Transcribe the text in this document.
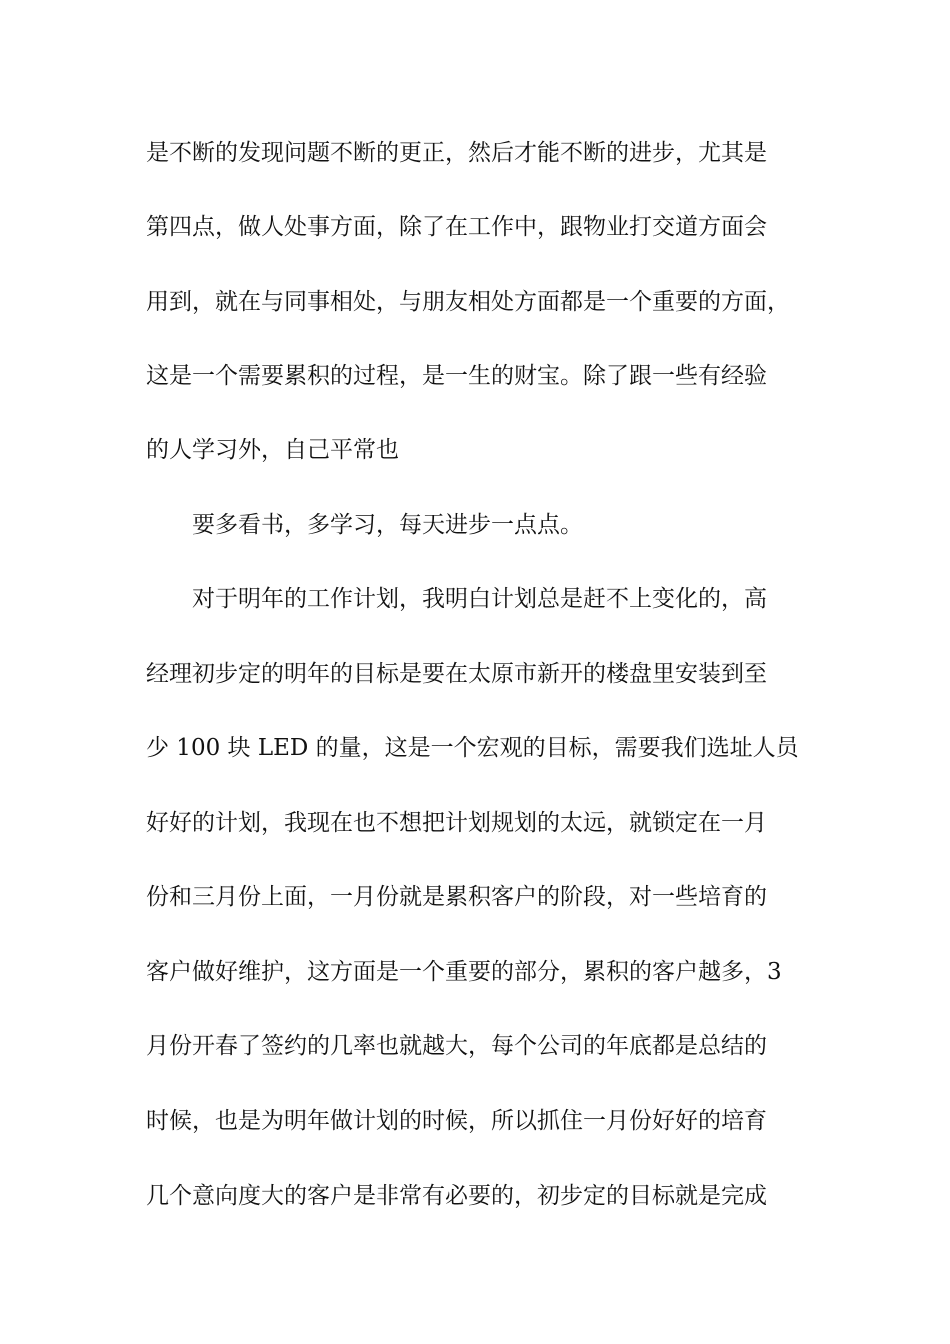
是不断的发现问题不断的更正，然后才能不断的进步，尤其是
第四点，做人处事方面，除了在工作中，跟物业打交道方面会
用到，就在与同事相处，与朋友相处方面都是一个重要的方面，
这是一个需要累积的过程，是一生的财宝。除了跟一些有经验
的人学习外，自己平常也
要多看书，多学习，每天进步一点点。
对于明年的工作计划，我明白计划总是赶不上变化的，高
经理初步定的明年的目标是要在太原市新开的楼盘里安装到至
少 100 块 LED 的量，这是一个宏观的目标，需要我们选址人员
好好的计划，我现在也不想把计划规划的太远，就锁定在一月
份和三月份上面，一月份就是累积客户的阶段，对一些培育的
客户做好维护，这方面是一个重要的部分，累积的客户越多，3
月份开春了签约的几率也就越大，每个公司的年底都是总结的
时候，也是为明年做计划的时候，所以抓住一月份好好的培育
几个意向度大的客户是非常有必要的，初步定的目标就是完成
